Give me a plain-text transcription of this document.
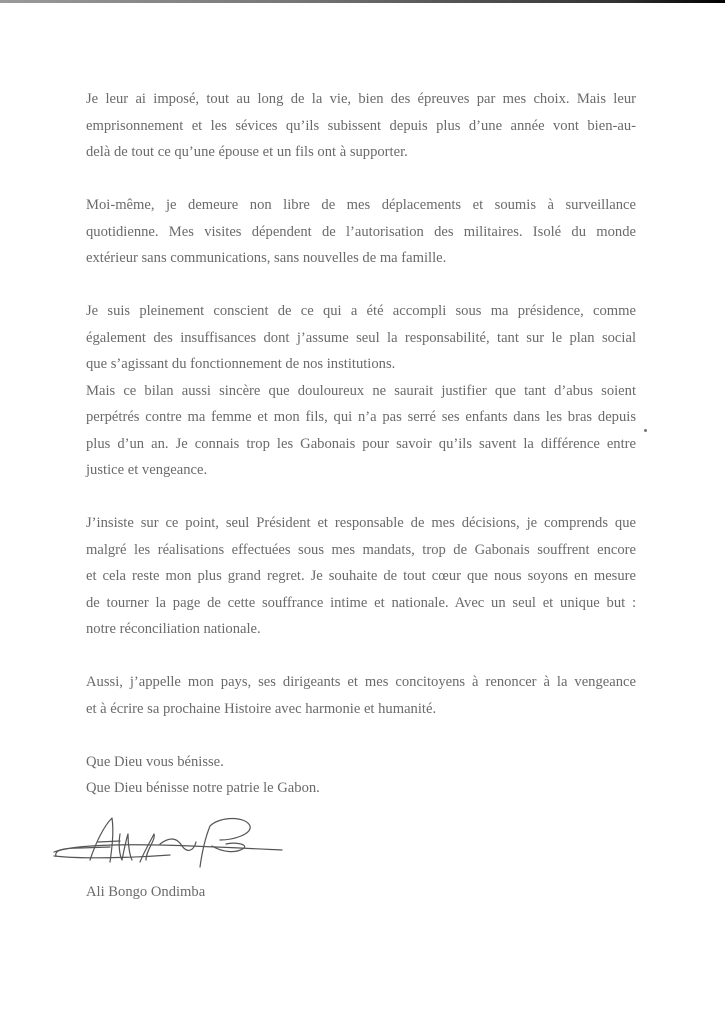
Je leur ai imposé, tout au long de la vie, bien des épreuves par mes choix. Mais leur
emprisonnement et les sévices qu’ils subissent depuis plus d’une année vont bien-au-
delà de tout ce qu’une épouse et un fils ont à supporter.
Moi-même, je demeure non libre de mes déplacements et soumis à surveillance
quotidienne. Mes visites dépendent de l’autorisation des militaires. Isolé du monde
extérieur sans communications, sans nouvelles de ma famille.
Je suis pleinement conscient de ce qui a été accompli sous ma présidence, comme
également des insuffisances dont j’assume seul la responsabilité, tant sur le plan social
que s’agissant du fonctionnement de nos institutions.
Mais ce bilan aussi sincère que douloureux ne saurait justifier que tant d’abus soient
perpétrés contre ma femme et mon fils, qui n’a pas serré ses enfants dans les bras depuis
plus d’un an. Je connais trop les Gabonais pour savoir qu’ils savent la différence entre
justice et vengeance.
J’insiste sur ce point, seul Président et responsable de mes décisions, je comprends que
malgré les réalisations effectuées sous mes mandats, trop de Gabonais souffrent encore
et cela reste mon plus grand regret. Je souhaite de tout cœur que nous soyons en mesure
de tourner la page de cette souffrance intime et nationale. Avec un seul et unique but :
notre réconciliation nationale.
Aussi, j’appelle mon pays, ses dirigeants et mes concitoyens à renoncer à la vengeance
et à écrire sa prochaine Histoire avec harmonie et humanité.
Que Dieu vous bénisse.
Que Dieu bénisse notre patrie le Gabon.
Ali Bongo Ondimba
